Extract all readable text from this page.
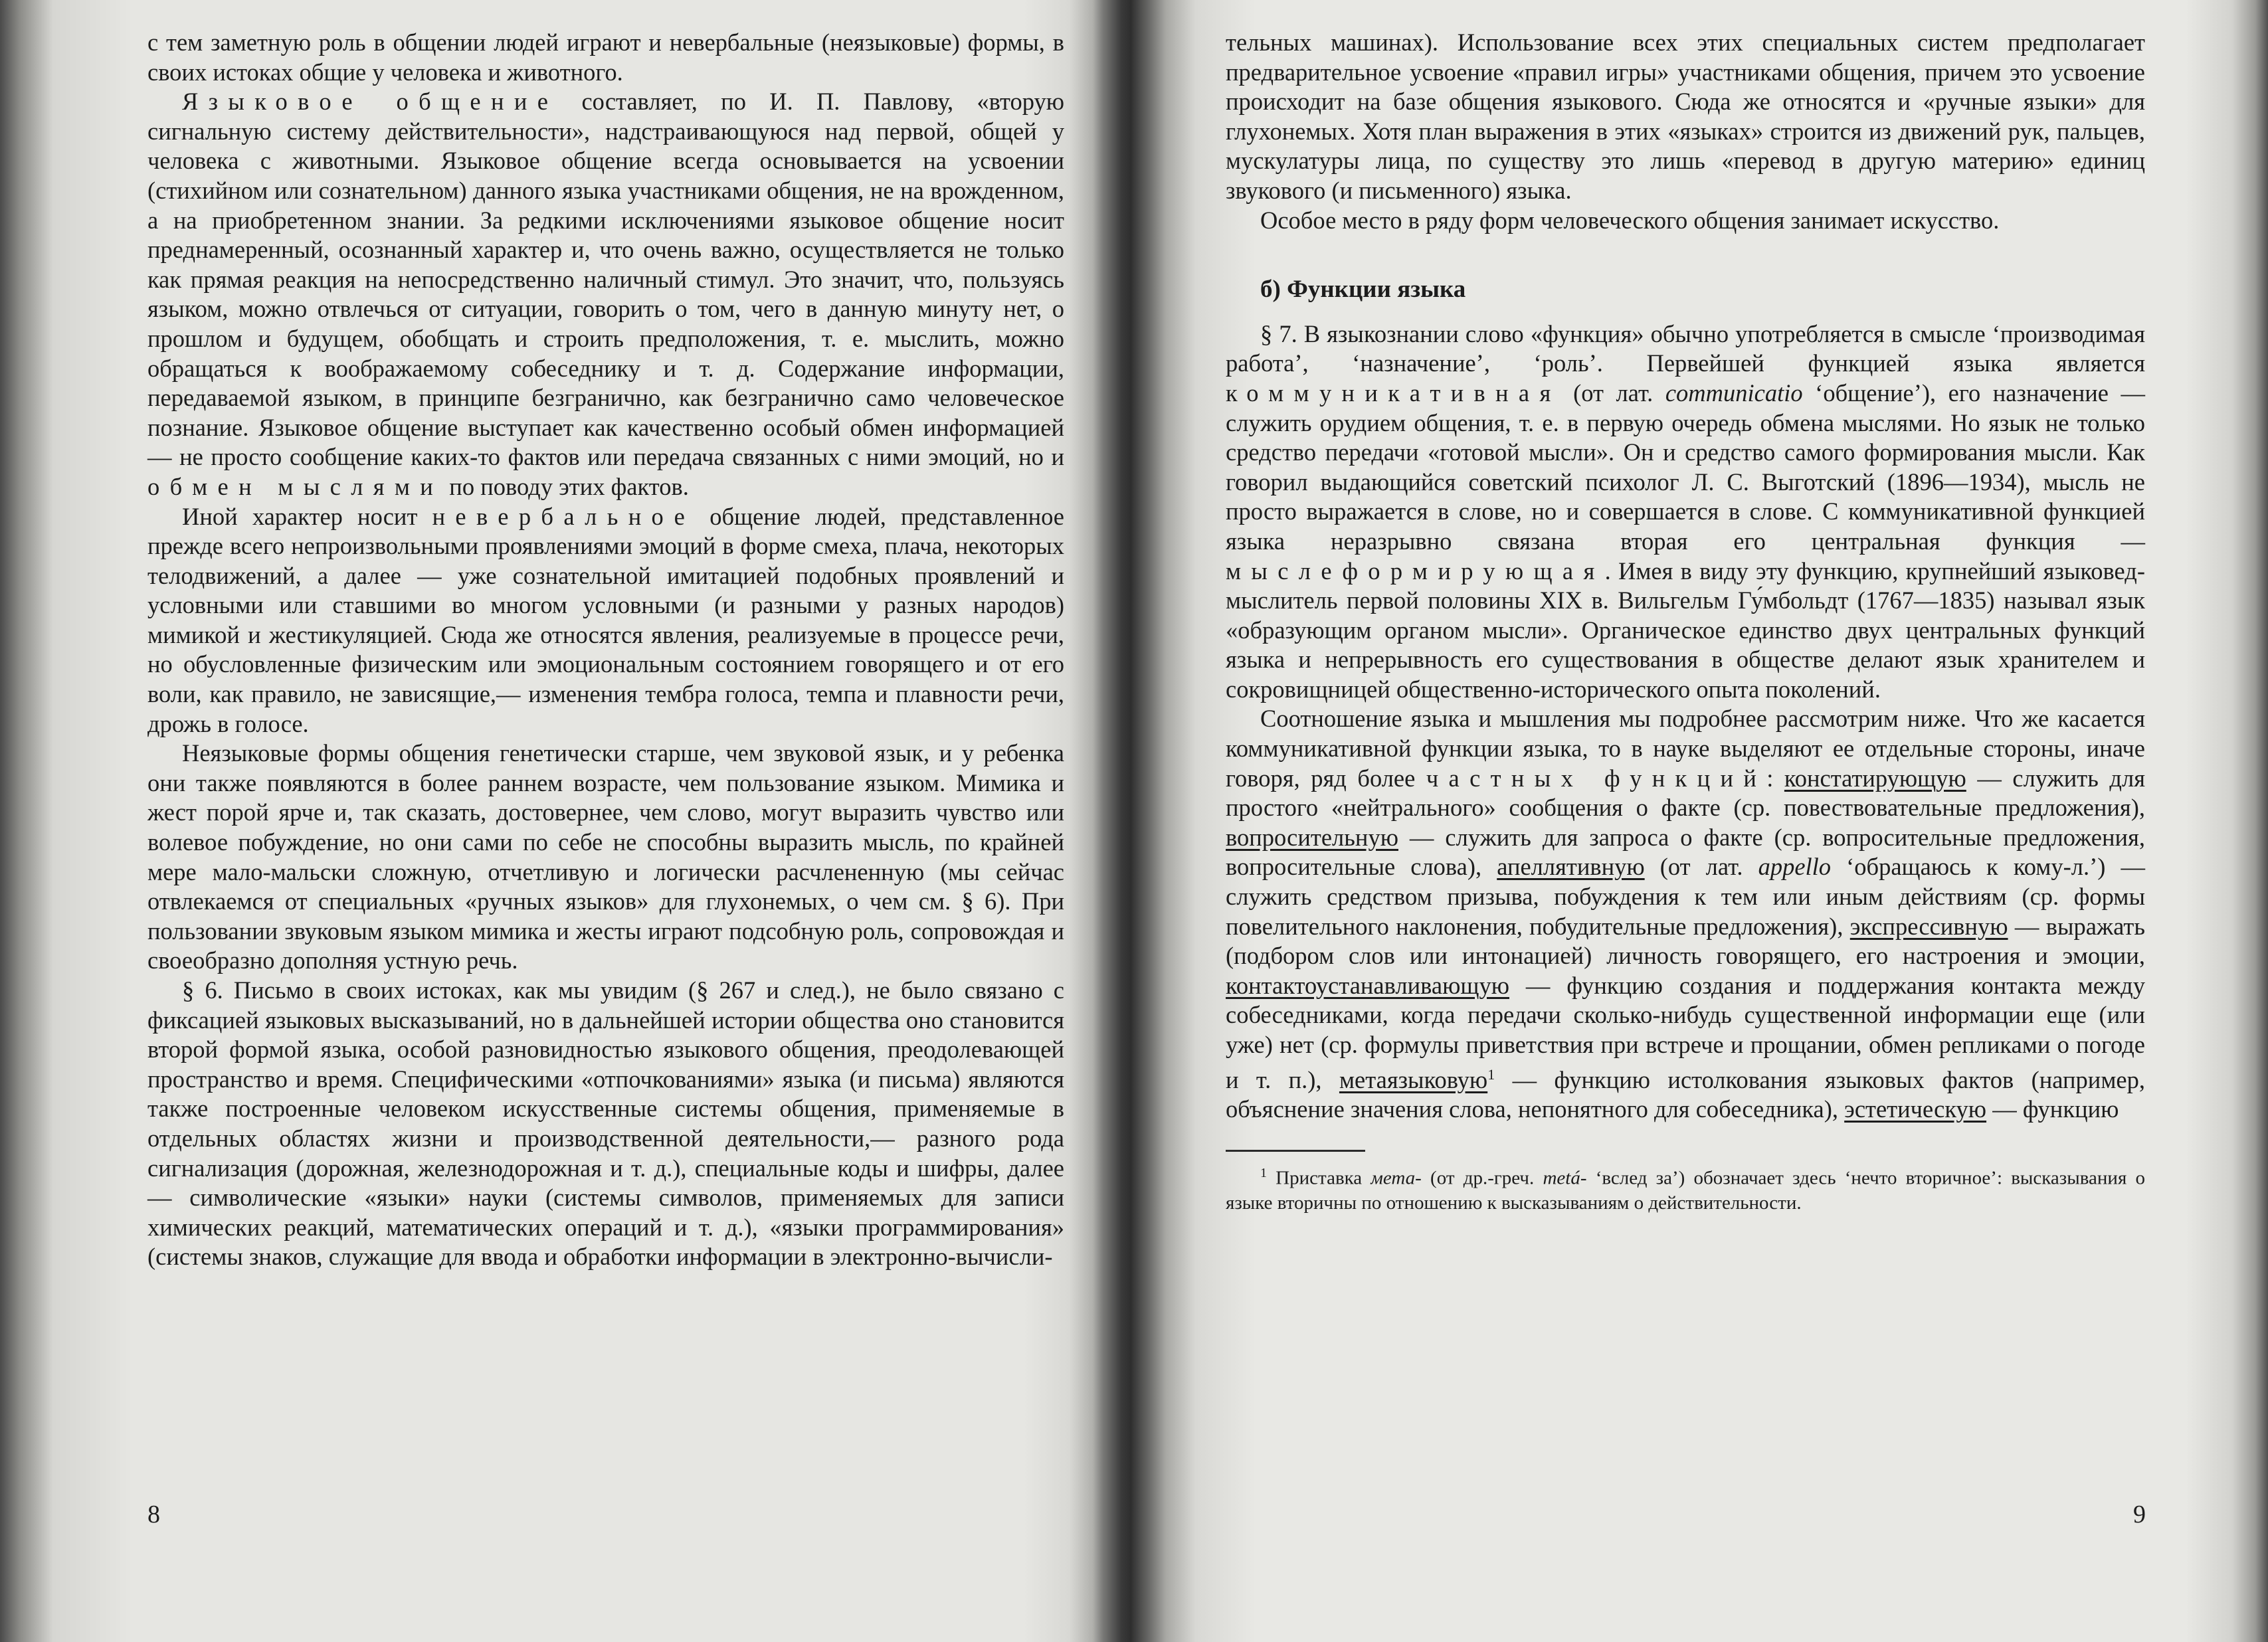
с тем заметную роль в общении людей играют и невербальные (неязыковые) формы, в своих истоках общие у человека и животного.

Языковое общение составляет, по И. П. Павлову, «вторую сигнальную систему действительности», надстраивающуюся над первой, общей у человека с животными. Языковое общение всегда основывается на усвоении (стихийном или сознательном) данного языка участниками общения, не на врожденном, а на приобретенном знании. За редкими исключениями языковое общение носит преднамеренный, осознанный характер и, что очень важно, осуществляется не только как прямая реакция на непосредственно наличный стимул. Это значит, что, пользуясь языком, можно отвлечься от ситуации, говорить о том, чего в данную минуту нет, о прошлом и будущем, обобщать и строить предположения, т. е. мыслить, можно обращаться к воображаемому собеседнику и т. д. Содержание информации, передаваемой языком, в принципе безгранично, как безгранично само человеческое познание. Языковое общение выступает как качественно особый обмен информацией — не просто сообщение каких-то фактов или передача связанных с ними эмоций, но и обмен мыслями по поводу этих фактов.

Иной характер носит невербальное общение людей, представленное прежде всего непроизвольными проявлениями эмоций в форме смеха, плача, некоторых телодвижений, а далее — уже сознательной имитацией подобных проявлений и условными или ставшими во многом условными (и разными у разных народов) мимикой и жестикуляцией. Сюда же относятся явления, реализуемые в процессе речи, но обусловленные физическим или эмоциональным состоянием говорящего и от его воли, как правило, не зависящие,— изменения тембра голоса, темпа и плавности речи, дрожь в голосе.

Неязыковые формы общения генетически старше, чем звуковой язык, и у ребенка они также появляются в более раннем возрасте, чем пользование языком. Мимика и жест порой ярче и, так сказать, достовернее, чем слово, могут выразить чувство или волевое побуждение, но они сами по себе не способны выразить мысль, по крайней мере мало-мальски сложную, отчетливую и логически расчлененную (мы сейчас отвлекаемся от специальных «ручных языков» для глухонемых, о чем см. § 6). При пользовании звуковым языком мимика и жесты играют подсобную роль, сопровождая и своеобразно дополняя устную речь.

§ 6. Письмо в своих истоках, как мы увидим (§ 267 и след.), не было связано с фиксацией языковых высказываний, но в дальнейшей истории общества оно становится второй формой языка, особой разновидностью языкового общения, преодолевающей пространство и время. Специфическими «отпочкованиями» языка (и письма) являются также построенные человеком искусственные системы общения, применяемые в отдельных областях жизни и производственной деятельности,— разного рода сигнализация (дорожная, железнодорожная и т. д.), специальные коды и шифры, далее — символические «языки» науки (системы символов, применяемых для записи химических реакций, математических операций и т. д.), «языки программирования» (системы знаков, служащие для ввода и обработки информации в электронно-вычисли-

8

тельных машинах). Использование всех этих специальных систем предполагает предварительное усвоение «правил игры» участниками общения, причем это усвоение происходит на базе общения языкового. Сюда же относятся и «ручные языки» для глухонемых. Хотя план выражения в этих «языках» строится из движений рук, пальцев, мускулатуры лица, по существу это лишь «перевод в другую материю» единиц звукового (и письменного) языка.

Особое место в ряду форм человеческого общения занимает искусство.

б) Функции языка

§ 7. В языкознании слово «функция» обычно употребляется в смысле ‘производимая работа’, ‘назначение’, ‘роль’. Первейшей функцией языка является коммуникативная (от лат. communicatio ‘общение’), его назначение — служить орудием общения, т. е. в первую очередь обмена мыслями. Но язык не только средство передачи «готовой мысли». Он и средство самого формирования мысли. Как говорил выдающийся советский психолог Л. С. Выготский (1896—1934), мысль не просто выражается в слове, но и совершается в слове. С коммуникативной функцией языка неразрывно связана вторая его центральная функция — мыслеформирующая. Имея в виду эту функцию, крупнейший языковед-мыслитель первой половины XIX в. Вильгельм Гу́мбольдт (1767—1835) называл язык «образующим органом мысли». Органическое единство двух центральных функций языка и непрерывность его существования в обществе делают язык хранителем и сокровищницей общественно-исторического опыта поколений.

Соотношение языка и мышления мы подробнее рассмотрим ниже. Что же касается коммуникативной функции языка, то в науке выделяют ее отдельные стороны, иначе говоря, ряд более частных функций: констатирующую — служить для простого «нейтрального» сообщения о факте (ср. повествовательные предложения), вопросительную — служить для запроса о факте (ср. вопросительные предложения, вопросительные слова), апеллятивную (от лат. appello ‘обращаюсь к кому-л.’) — служить средством призыва, побуждения к тем или иным действиям (ср. формы повелительного наклонения, побудительные предложения), экспрессивную — выражать (подбором слов или интонацией) личность говорящего, его настроения и эмоции, контактоустанавливающую — функцию создания и поддержания контакта между собеседниками, когда передачи сколько-нибудь существенной информации еще (или уже) нет (ср. формулы приветствия при встрече и прощании, обмен репликами о погоде и т. п.), метаязыковую$^1$ — функцию истолкования языковых фактов (например, объяснение значения слова, непонятного для собеседника), эстетическую — функцию

$^1$ Приставка мета- (от др.-греч. metá- ‘вслед за’) обозначает здесь ‘нечто вторичное’: высказывания о языке вторичны по отношению к высказываниям о действительности.

9
